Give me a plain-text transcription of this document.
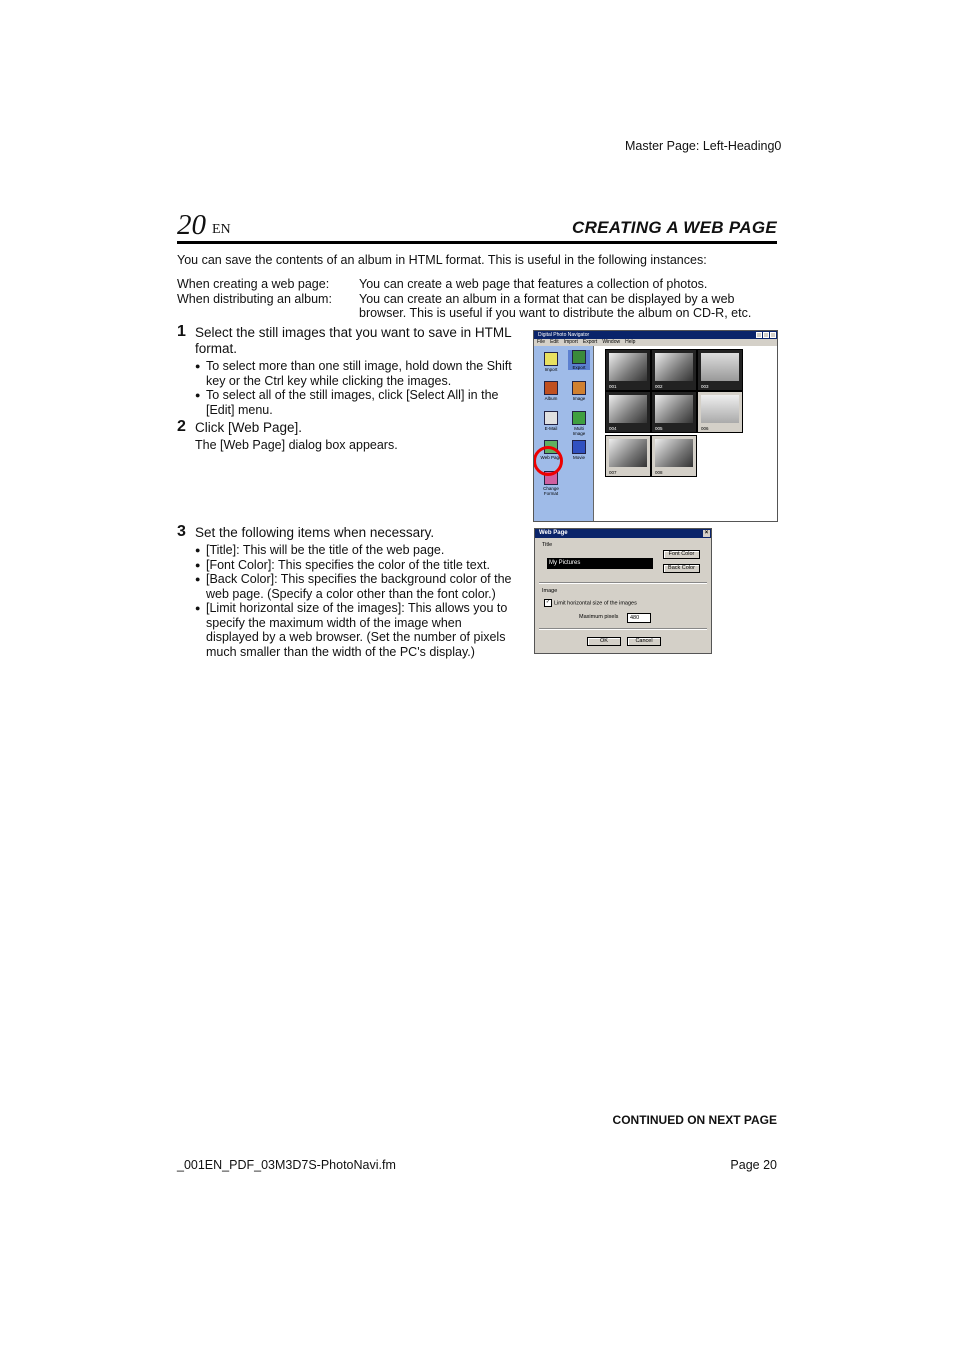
Master Page: Left-Heading0
20 EN	CREATING A WEB PAGE
You can save the contents of an album in HTML format. This is useful in the following instances:
When creating a web page:	You can create a web page that features a collection of photos.
When distributing an album:	You can create an album in a format that can be displayed by a web browser. This is useful if you want to distribute the album on CD-R, etc.
1 Select the still images that you want to save in HTML format.
● To select more than one still image, hold down the Shift key or the Ctrl key while clicking the images.
● To select all of the still images, click [Select All] in the [Edit] menu.
2 Click [Web Page].
The [Web Page] dialog box appears.
3 Set the following items when necessary.
● [Title]: This will be the title of the web page.
● [Font Color]: This specifies the color of the title text.
● [Back Color]: This specifies the background color of the web page. (Specify a color other than the font color.)
● [Limit horizontal size of the images]: This allows you to specify the maximum width of the image when displayed by a web browser. (Set the number of pixels much smaller than the width of the PC's display.)
Digital Photo Navigator
File Edit Import Export Window Help
Import	Export
Album	Image
E-Mail	Multi Image
Web Page	Movie
Change Format
001	002	003
004	005	006
007	008
Web Page	×
Title
My Pictures
Font Color
Back Color
Image
✓ Limit horizontal size of the images
Maximum pixels	480
OK	Cancel
CONTINUED ON NEXT PAGE
_001EN_PDF_03M3D7S-PhotoNavi.fm	Page 20
